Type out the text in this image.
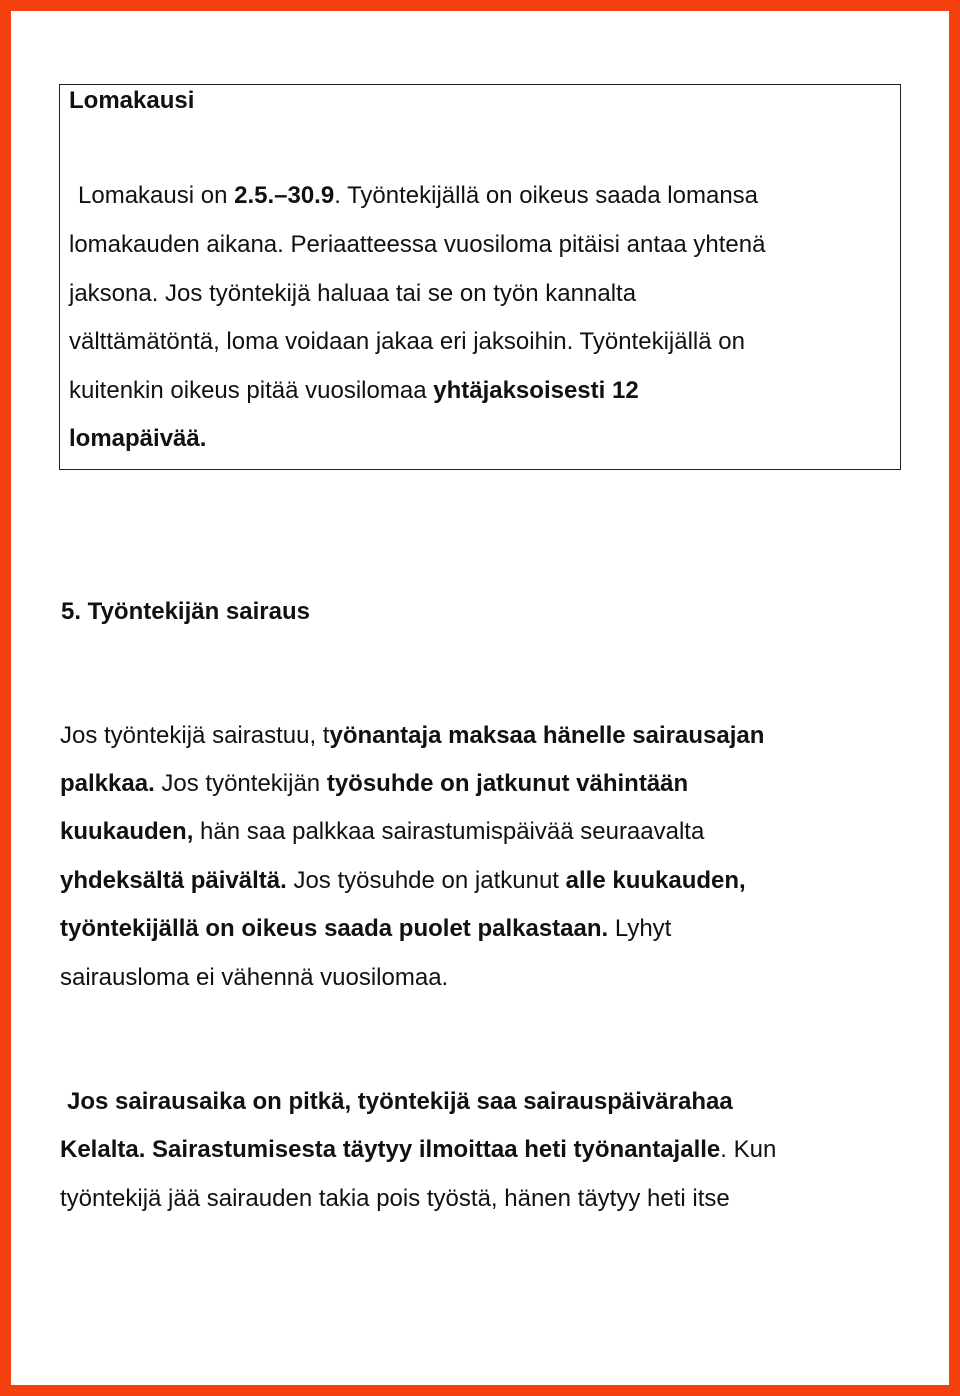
Lomakausi
Lomakausi on 2.5.–30.9. Työntekijällä on oikeus saada lomansa
lomakauden aikana. Periaatteessa vuosiloma pitäisi antaa yhtenä
jaksona. Jos työntekijä haluaa tai se on työn kannalta
välttämätöntä, loma voidaan jakaa eri jaksoihin. Työntekijällä on
kuitenkin oikeus pitää vuosilomaa yhtäjaksoisesti 12
lomapäivää.
5. Työntekijän sairaus
Jos työntekijä sairastuu, työnantaja maksaa hänelle sairausajan
palkkaa. Jos työntekijän työsuhde on jatkunut vähintään
kuukauden, hän saa palkkaa sairastumispäivää seuraavalta
yhdeksältä päivältä. Jos työsuhde on jatkunut alle kuukauden,
työntekijällä on oikeus saada puolet palkastaan. Lyhyt
sairausloma ei vähennä vuosilomaa.
Jos sairausaika on pitkä, työntekijä saa sairauspäivärahaa
Kelalta. Sairastumisesta täytyy ilmoittaa heti työnantajalle. Kun
työntekijä jää sairauden takia pois työstä, hänen täytyy heti itse
